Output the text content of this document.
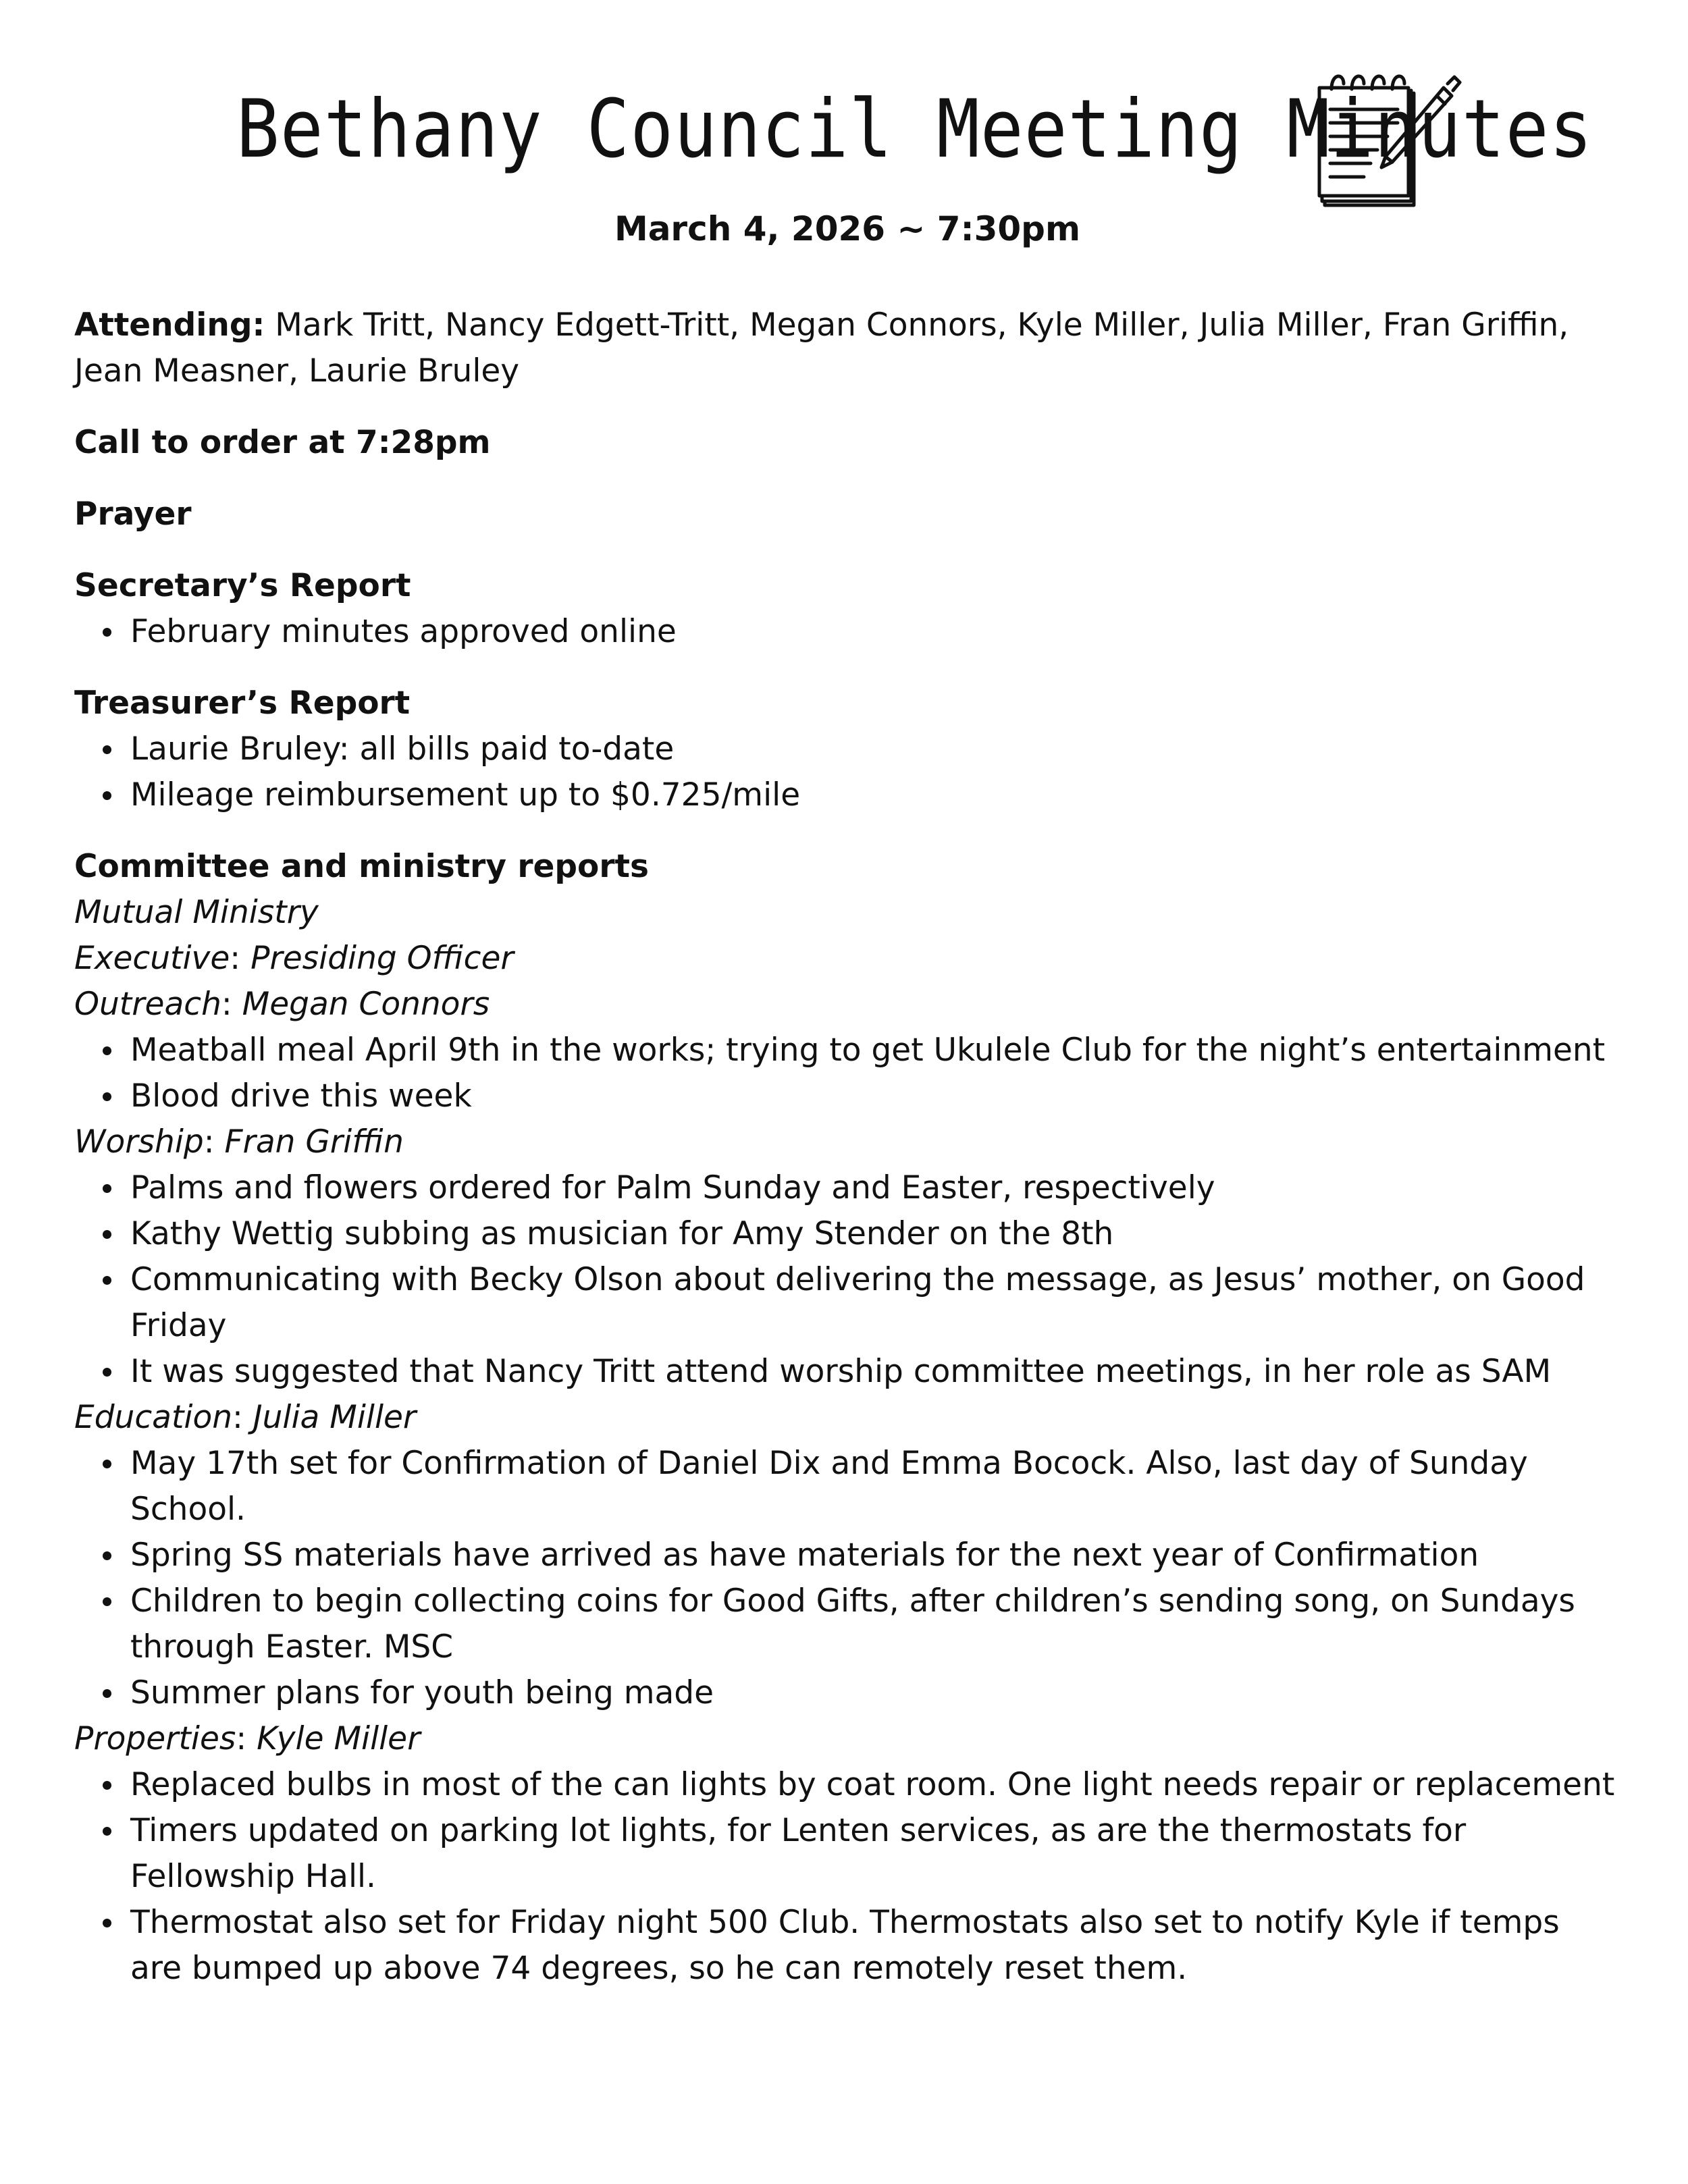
Bethany Council Meeting Minutes
March 4, 2026 ~ 7:30pm

Attending: Mark Tritt, Nancy Edgett-Tritt, Megan Connors, Kyle Miller, Julia Miller, Fran Griffin, Jean Measner, Laurie Bruley

Call to order at 7:28pm

Prayer

Secretary’s Report

February minutes approved online

Treasurer’s Report

Laurie Bruley: all bills paid to-date
Mileage reimbursement up to $0.725/mile

Committee and ministry reports

Mutual Ministry

Executive: Presiding Officer

Outreach: Megan Connors

Meatball meal April 9th in the works; trying to get Ukulele Club for the night’s entertainment
Blood drive this week

Worship: Fran Griffin

Palms and flowers ordered for Palm Sunday and Easter, respectively
Kathy Wettig subbing as musician for Amy Stender on the 8th
Communicating with Becky Olson about delivering the message, as Jesus’ mother, on Good Friday
It was suggested that Nancy Tritt attend worship committee meetings, in her role as SAM

Education: Julia Miller

May 17th set for Confirmation of Daniel Dix and Emma Bocock. Also, last day of Sunday School.
Spring SS materials have arrived as have materials for the next year of Confirmation
Children to begin collecting coins for Good Gifts, after children’s sending song, on Sundays through Easter. MSC
Summer plans for youth being made

Properties: Kyle Miller

Replaced bulbs in most of the can lights by coat room. One light needs repair or replacement
Timers updated on parking lot lights, for Lenten services, as are the thermostats for Fellowship Hall.
Thermostat also set for Friday night 500 Club. Thermostats also set to notify Kyle if temps are bumped up above 74 degrees, so he can remotely reset them.
